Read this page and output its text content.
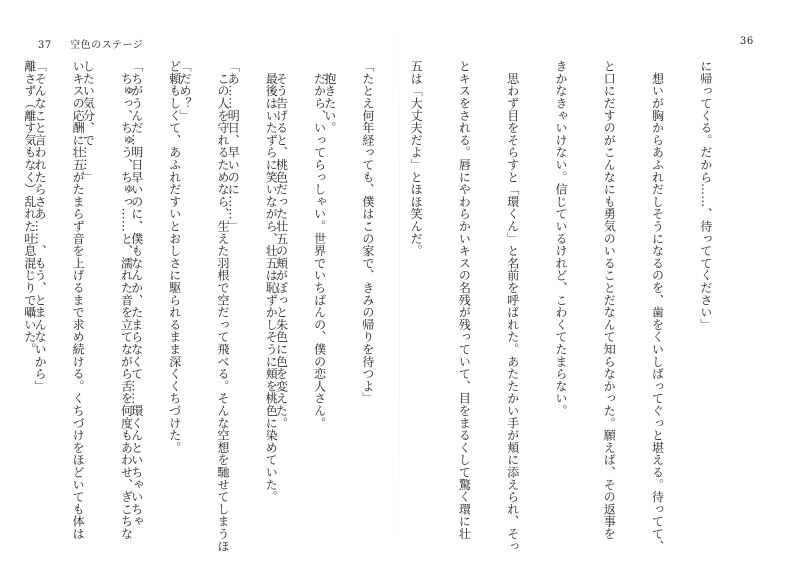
37 空色のステージ	36

に帰ってくる。だから……、待っててください」

　想いが胸からあふれだしそうになるのを、歯をくいしばってぐっと堪える。待ってて、

と口にだすのがこんなにも勇気のいることだなんて知らなかった。願えば、その返事を

きかなきゃいけない。信じているけれど、こわくてたまらない。

　思わず目をそらすと「環くん」と名前を呼ばれた。あたたかい手が頬に添えられ、そっ

とキスをされる。唇にやわらかいキスの名残が残っていて、目をまるくして驚く環に壮

五は「大丈夫だよ」とほほ笑んだ。

「たとえ何年経っても、僕はこの家で、きみの帰りを待つよ」

　だから、いってらっしゃい。世界でいちばんの、僕の恋人さん。

　最後はいたずらに笑いながら、壮五は恥ずかしそうに頬を桃色に染めていた。

　この人を守れるためなら、生えた羽根で空だって飛べる。そんな空想を馳せてしまうほ

ど頼もしくて、あふれだすいとおしさに駆られるまま深くくちづけた。

　ちゅっ、ちゅう、ちゅっ……と、濡れた音を立てながら舌を何度もあわせ、ぎこちな

いキスの応酬に壮五がたまらず音を上げるまで求め続ける。くちづけをほどいても体は

離さず（離す気もなく）乱れた吐息混じりで囁いた。

	　抱きたい。

　そう告げると、桃色だった壮五の頬がぼっと朱色に色を変えた。

「あ……明日、早いのに……」

「だめ？」

「ちがうんだ…明日早いのに、僕もなんか、たまらなくて……環くんといちゃいちゃ

したい気分、で……」

「そんなこと言われたらさあ……、もう、とまんないから」
